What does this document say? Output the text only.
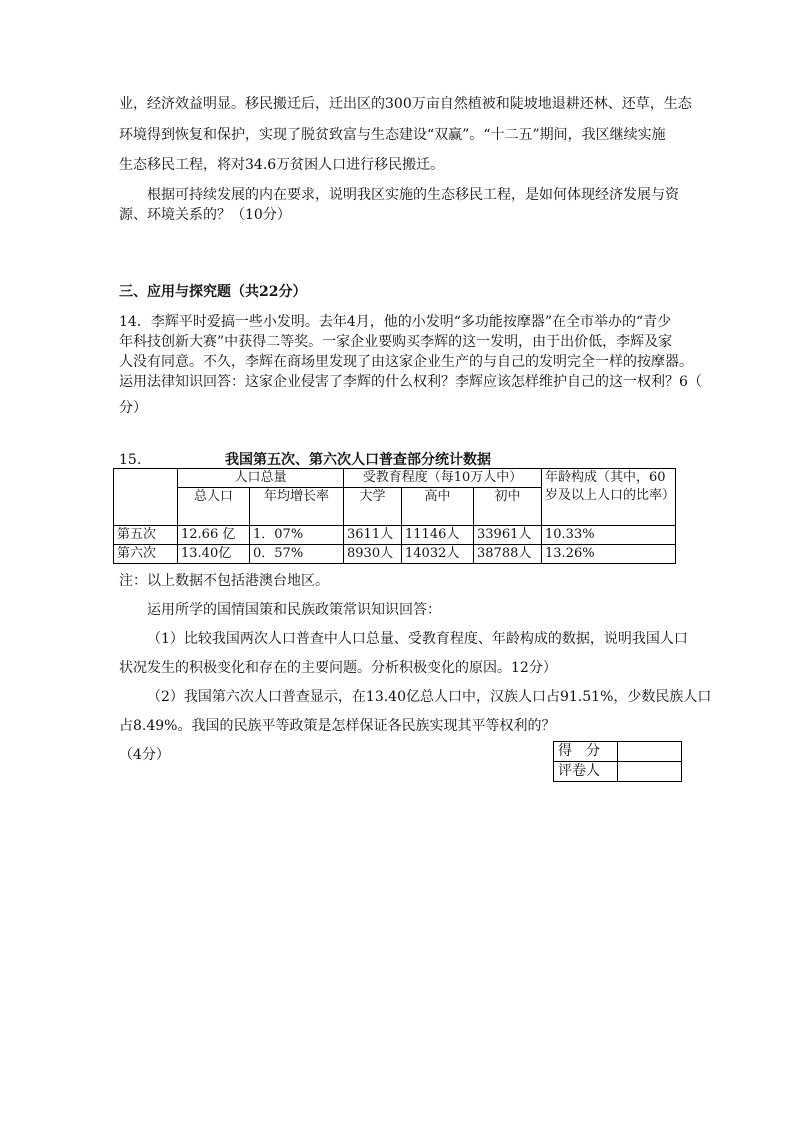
业，经济效益明显。移民搬迁后，迁出区的300万亩自然植被和陡坡地退耕还林、还草，生态
环境得到恢复和保护，实现了脱贫致富与生态建设“双赢”。“十二五”期间，我区继续实施
生态移民工程，将对34.6万贫困人口进行移民搬迁。
根据可持续发展的内在要求，说明我区实施的生态移民工程，是如何体现经济发展与资
源、环境关系的？（10分）
三、应用与探究题（共22分）
14．李辉平时爱搞一些小发明。去年4月，他的小发明“多功能按摩器”在全市举办的“青少
年科技创新大赛”中获得二等奖。一家企业要购买李辉的这一发明，由于出价低，李辉及家
人没有同意。不久，李辉在商场里发现了由这家企业生产的与自己的发明完全一样的按摩器。
运用法律知识回答：这家企业侵害了李辉的什么权利？李辉应该怎样维护自己的这一权利？6（
分）
15.	我国第五次、第六次人口普查部分统计数据
	人口总量		受教育程度（每10万人中）			年龄构成（其中，60岁及以上人口的比率）
	总人口	年均增长率	大学	高中	初中	
第五次	12.66 亿	1．07%	3611人	11146人	33961人	10.33%
第六次	13.40亿	0．57%	8930人	14032人	38788人	13.26%
注：以上数据不包括港澳台地区。
运用所学的国情国策和民族政策常识知识回答：
（1）比较我国两次人口普查中人口总量、受教育程度、年龄构成的数据，说明我国人口
状况发生的积极变化和存在的主要问题。分析积极变化的原因。12分）
（2）我国第六次人口普查显示，在13.40亿总人口中，汉族人口占91.51%，少数民族人口
占8.49%。我国的民族平等政策是怎样保证各民族实现其平等权利的？
（4分）	得　分	
评卷人	
